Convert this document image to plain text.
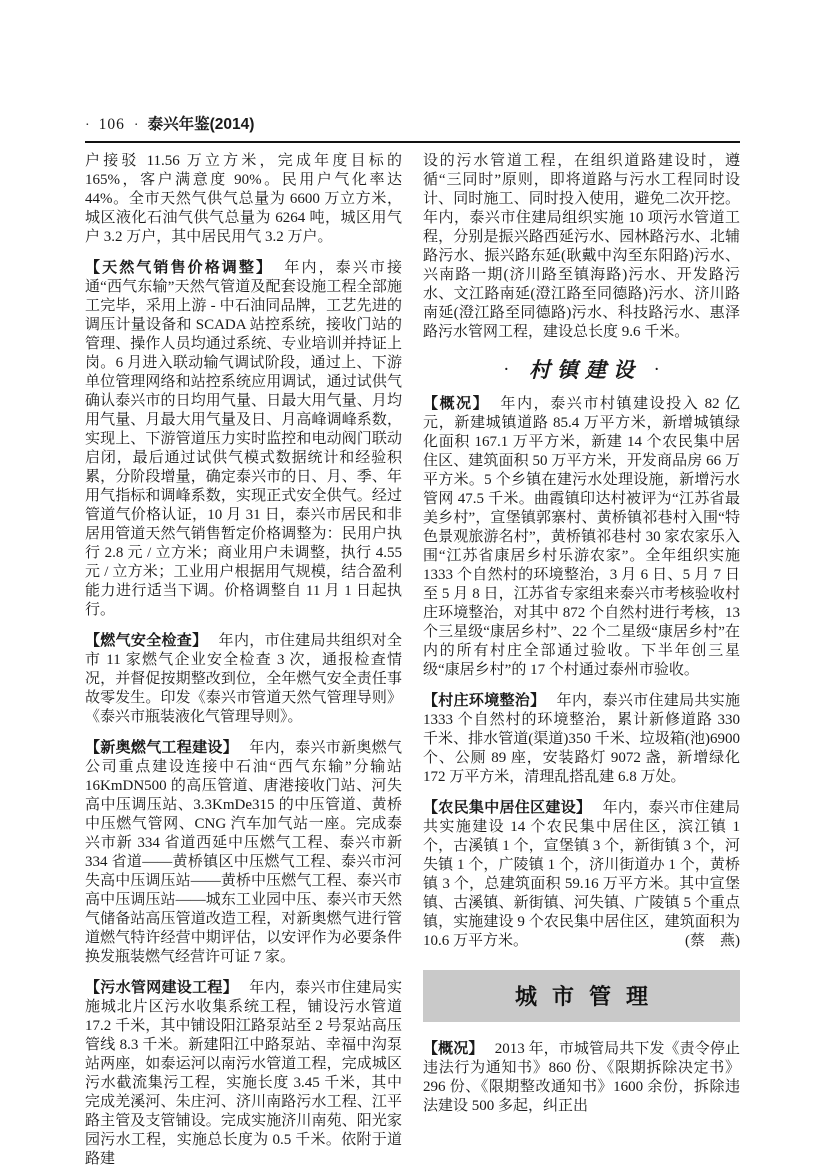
· 106 · 泰兴年鉴(2014)

户接驳 11.56 万立方米，完成年度目标的 165%，客户满意度 90%。民用户气化率达 44%。全市天然气供气总量为 6600 万立方米，城区液化石油气供气总量为 6264 吨，城区用气户 3.2 万户，其中居民用气 3.2 万户。

【天然气销售价格调整】 年内，泰兴市接通“西气东输”天然气管道及配套设施工程全部施工完毕，采用上游 - 中石油同品牌，工艺先进的调压计量设备和 SCADA 站控系统，接收门站的管理、操作人员均通过系统、专业培训并持证上岗。6 月进入联动输气调试阶段，通过上、下游单位管理网络和站控系统应用调试，通过试供气确认泰兴市的日均用气量、日最大用气量、月均用气量、月最大用气量及日、月高峰调峰系数，实现上、下游管道压力实时监控和电动阀门联动启闭，最后通过试供气模式数据统计和经验积累，分阶段增量，确定泰兴市的日、月、季、年用气指标和调峰系数，实现正式安全供气。经过管道气价格认证，10 月 31 日，泰兴市居民和非居用管道天然气销售暂定价格调整为：民用户执行 2.8 元 / 立方米；商业用户未调整，执行 4.55 元 / 立方米；工业用户根据用气规模，结合盈利能力进行适当下调。价格调整自 11 月 1 日起执行。

【燃气安全检查】 年内，市住建局共组织对全市 11 家燃气企业安全检查 3 次，通报检查情况，并督促按期整改到位，全年燃气安全责任事故零发生。印发《泰兴市管道天然气管理导则》《泰兴市瓶装液化气管理导则》。

【新奥燃气工程建设】 年内，泰兴市新奥燃气公司重点建设连接中石油“西气东输”分输站 16KmDN500 的高压管道、唐港接收门站、河失高中压调压站、3.3KmDe315 的中压管道、黄桥中压燃气管网、CNG 汽车加气站一座。完成泰兴市新 334 省道西延中压燃气工程、泰兴市新 334 省道——黄桥镇区中压燃气工程、泰兴市河失高中压调压站——黄桥中压燃气工程、泰兴市高中压调压站——城东工业园中压、泰兴市天然气储备站高压管道改造工程，对新奥燃气进行管道燃气特许经营中期评估，以安评作为必要条件换发瓶装燃气经营许可证 7 家。

【污水管网建设工程】 年内，泰兴市住建局实施城北片区污水收集系统工程，铺设污水管道 17.2 千米，其中铺设阳江路泵站至 2 号泵站高压管线 8.3 千米。新建阳江中路泵站、幸福中沟泵站两座，如泰运河以南污水管道工程，完成城区污水截流集污工程，实施长度 3.45 千米，其中完成羌溪河、朱庄河、济川南路污水工程、江平路主管及支管铺设。完成实施济川南苑、阳光家园污水工程，实施总长度为 0.5 千米。依附于道路建

设的污水管道工程，在组织道路建设时，遵循“三同时”原则，即将道路与污水工程同时设计、同时施工、同时投入使用，避免二次开挖。年内，泰兴市住建局组织实施 10 项污水管道工程，分别是振兴路西延污水、园林路污水、北辅路污水、振兴路东延(耿戴中沟至东阳路)污水、兴南路一期(济川路至镇海路)污水、开发路污水、文江路南延(澄江路至同德路)污水、济川路南延(澄江路至同德路)污水、科技路污水、惠泽路污水管网工程，建设总长度 9.6 千米。

· 村镇建设 ·

【概况】 年内，泰兴市村镇建设投入 82 亿元，新建城镇道路 85.4 万平方米，新增城镇绿化面积 167.1 万平方米，新建 14 个农民集中居住区、建筑面积 50 万平方米，开发商品房 66 万平方米。5 个乡镇在建污水处理设施，新增污水管网 47.5 千米。曲霞镇印达村被评为“江苏省最美乡村”，宣堡镇郭寨村、黄桥镇祁巷村入围“特色景观旅游名村”，黄桥镇祁巷村 30 家农家乐入围“江苏省康居乡村乐游农家”。全年组织实施 1333 个自然村的环境整治，3 月 6 日、5 月 7 日至 5 月 8 日，江苏省专家组来泰兴市考核验收村庄环境整治，对其中 872 个自然村进行考核，13 个三星级“康居乡村”、22 个二星级“康居乡村”在内的所有村庄全部通过验收。下半年创三星级“康居乡村”的 17 个村通过泰州市验收。

【村庄环境整治】 年内，泰兴市住建局共实施 1333 个自然村的环境整治，累计新修道路 330 千米、排水管道(渠道)350 千米、垃圾箱(池)6900 个、公厕 89 座，安装路灯 9072 盏，新增绿化 172 万平方米，清理乱搭乱建 6.8 万处。

【农民集中居住区建设】 年内，泰兴市住建局共实施建设 14 个农民集中居住区，滨江镇 1 个，古溪镇 1 个，宣堡镇 3 个，新街镇 3 个，河失镇 1 个，广陵镇 1 个，济川街道办 1 个，黄桥镇 3 个，总建筑面积 59.16 万平方米。其中宣堡镇、古溪镇、新街镇、河失镇、广陵镇 5 个重点镇，实施建设 9 个农民集中居住区，建筑面积为 10.6 万平方米。	(蔡　燕)

城市管理

【概况】 2013 年，市城管局共下发《责令停止违法行为通知书》860 份、《限期拆除决定书》296 份、《限期整改通知书》1600 余份，拆除违法建设 500 多起，纠正出
